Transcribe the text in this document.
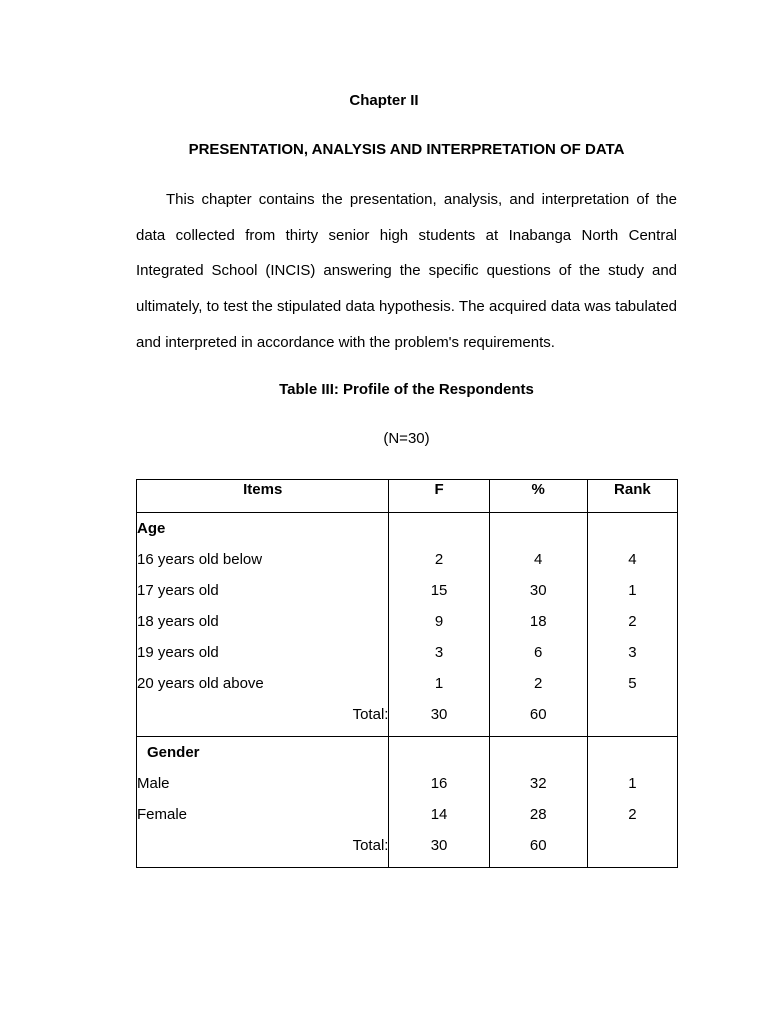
Chapter II
PRESENTATION, ANALYSIS AND INTERPRETATION OF DATA

This chapter contains the presentation, analysis, and interpretation of the data collected from thirty senior high students at Inabanga North Central Integrated School (INCIS) answering the specific questions of the study and ultimately, to test the stipulated data hypothesis. The acquired data was tabulated and interpreted in accordance with the problem's requirements.

Table III: Profile of the Respondents
(N=30)
Items	F	%	Rank
Age			
16 years old below	2	4	4
17 years old	15	30	1
18 years old	9	18	2
19 years old	3	6	3
20 years old above	1	2	5
Total:	30	60	
Gender			
Male	16	32	1
Female	14	28	2
Total:	30	60	
